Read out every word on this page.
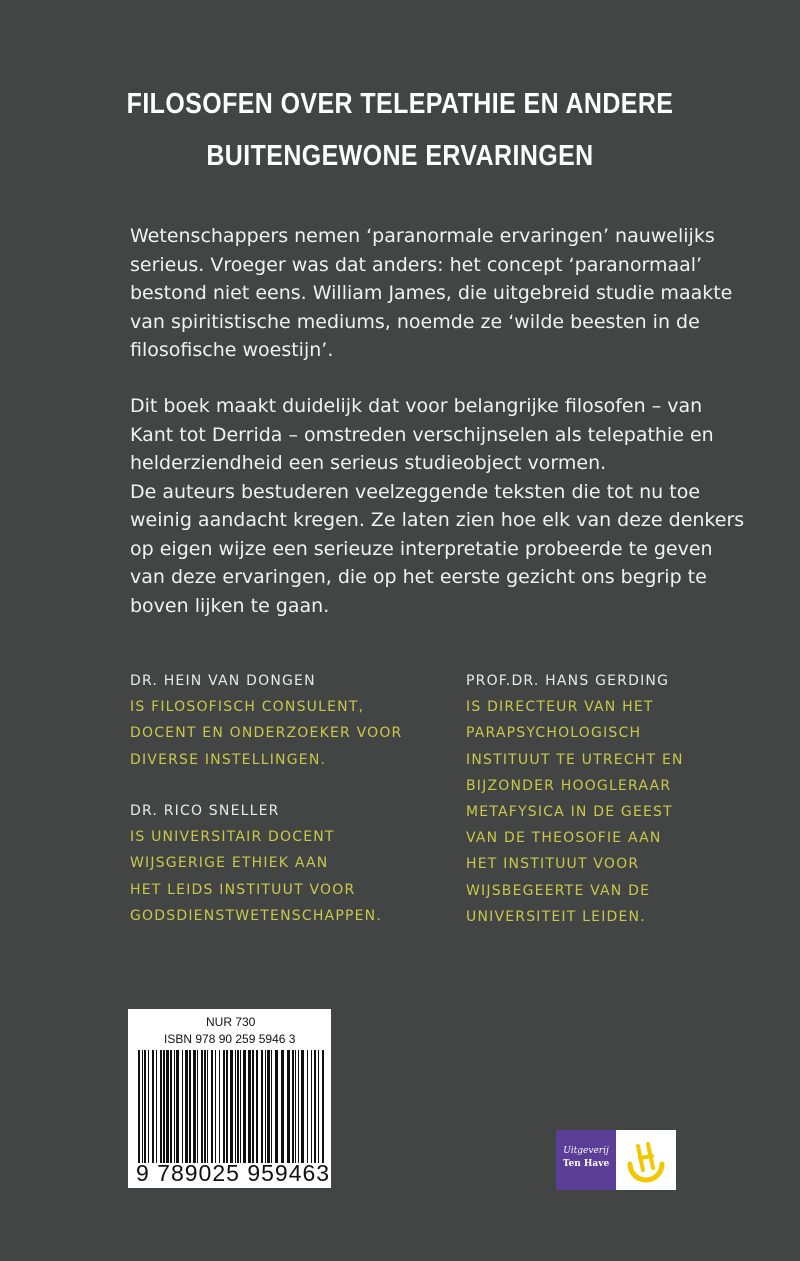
FILOSOFEN OVER TELEPATHIE EN ANDERE
BUITENGEWONE ERVARINGEN
Wetenschappers nemen ‘paranormale ervaringen’ nauwelijks
serieus. Vroeger was dat anders: het concept ‘paranormaal’
bestond niet eens. William James, die uitgebreid studie maakte
van spiritistische mediums, noemde ze ‘wilde beesten in de
filosofische woestijn’.
Dit boek maakt duidelijk dat voor belangrijke filosofen – van
Kant tot Derrida – omstreden verschijnselen als telepathie en
helderziendheid een serieus studieobject vormen.
De auteurs bestuderen veelzeggende teksten die tot nu toe
weinig aandacht kregen. Ze laten zien hoe elk van deze denkers
op eigen wijze een serieuze interpretatie probeerde te geven
van deze ervaringen, die op het eerste gezicht ons begrip te
boven lijken te gaan.
DR. HEIN VAN DONGEN
IS FILOSOFISCH CONSULENT,
DOCENT EN ONDERZOEKER VOOR
DIVERSE INSTELLINGEN.
DR. RICO SNELLER
IS UNIVERSITAIR DOCENT
WIJSGERIGE ETHIEK AAN
HET LEIDS INSTITUUT VOOR
GODSDIENSTWETENSCHAPPEN.
PROF.DR. HANS GERDING
IS DIRECTEUR VAN HET
PARAPSYCHOLOGISCH
INSTITUUT TE UTRECHT EN
BIJZONDER HOOGLERAAR
METAFYSICA IN DE GEEST
VAN DE THEOSOFIE AAN
HET INSTITUUT VOOR
WIJSBEGEERTE VAN DE
UNIVERSITEIT LEIDEN.
NUR 730
ISBN 978 90 259 5946 3
9 789025 959463
Uitgeverij
Ten Have
